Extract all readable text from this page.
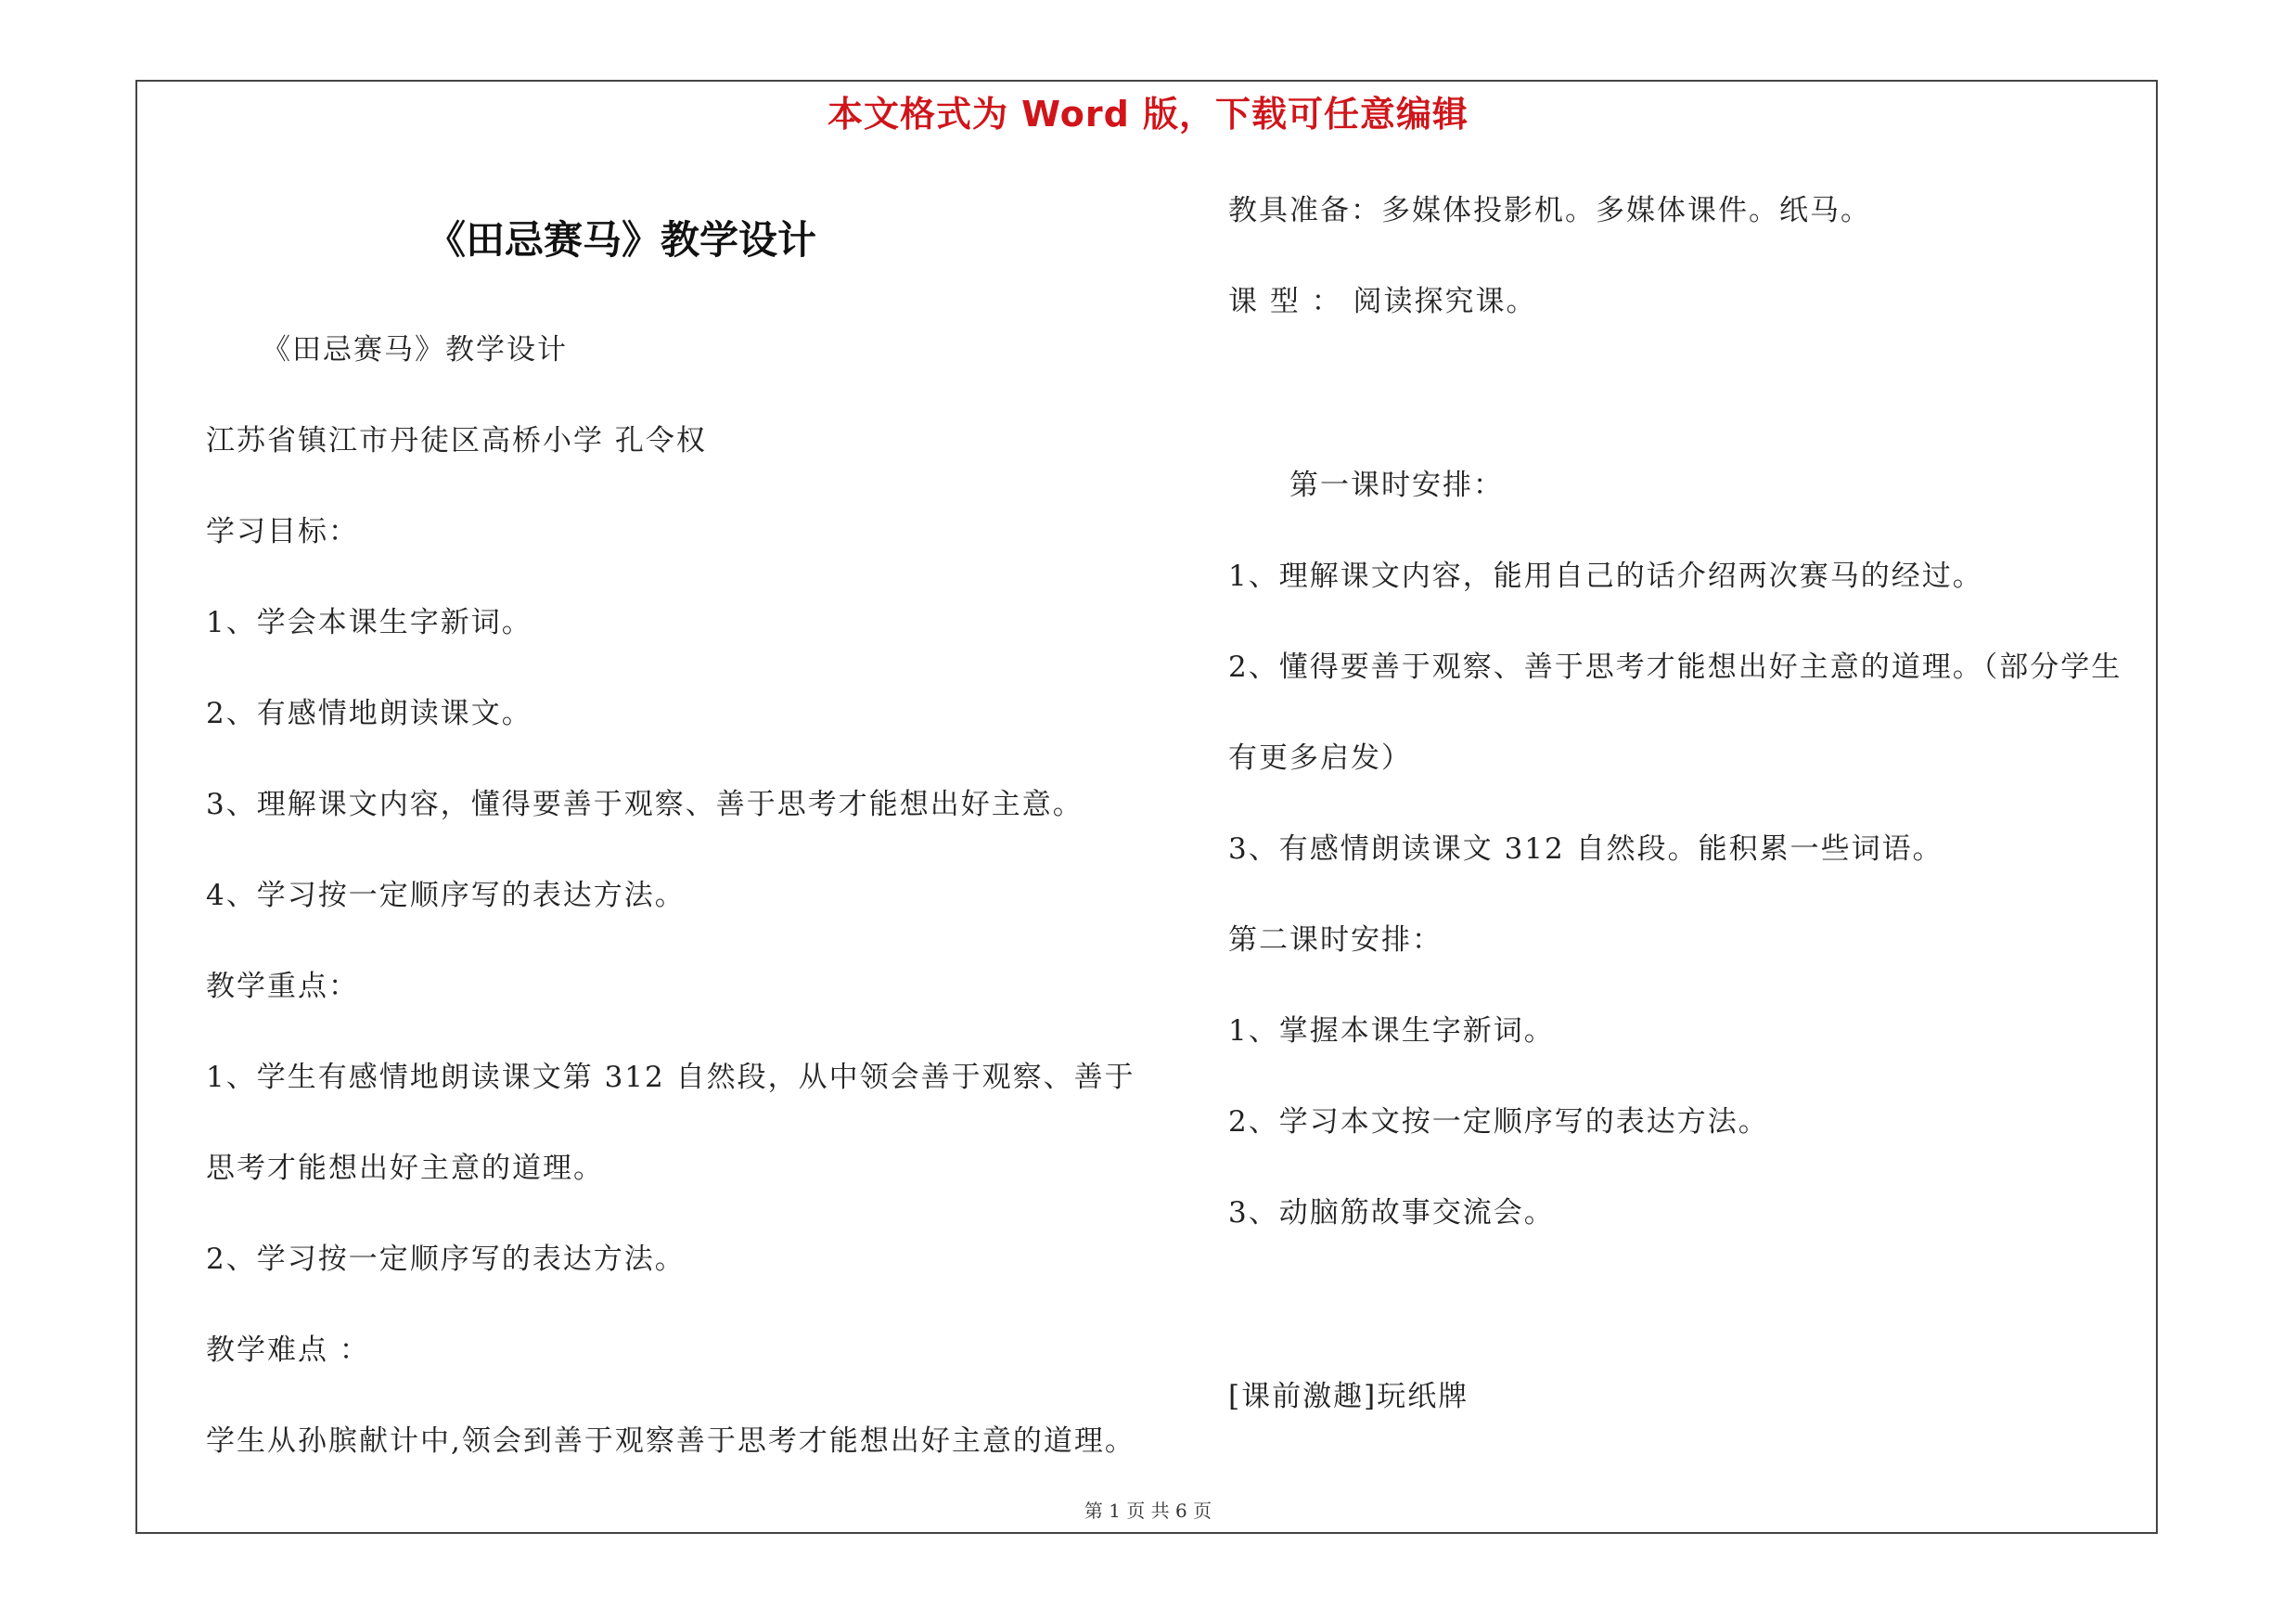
本文格式为 Word 版，下载可任意编辑
《田忌赛马》教学设计
《田忌赛马》教学设计
江苏省镇江市丹徒区高桥小学 孔令权
学习目标：
1、学会本课生字新词。
2、有感情地朗读课文。
3、理解课文内容，懂得要善于观察、善于思考才能想出好主意。
4、学习按一定顺序写的表达方法。
教学重点：
1、学生有感情地朗读课文第 312 自然段，从中领会善于观察、善于
思考才能想出好主意的道理。
2、学习按一定顺序写的表达方法。
教学难点 ：
学生从孙膑献计中,领会到善于观察善于思考才能想出好主意的道理。
教具准备：多媒体投影机。多媒体课件。纸马。
课 型 ： 阅读探究课。
第一课时安排：
1、理解课文内容，能用自己的话介绍两次赛马的经过。
2、懂得要善于观察、善于思考才能想出好主意的道理。（部分学生
有更多启发）
3、有感情朗读课文 312 自然段。能积累一些词语。
第二课时安排：
1、掌握本课生字新词。
2、学习本文按一定顺序写的表达方法。
3、动脑筋故事交流会。
[课前激趣]玩纸牌
第 1 页 共 6 页
